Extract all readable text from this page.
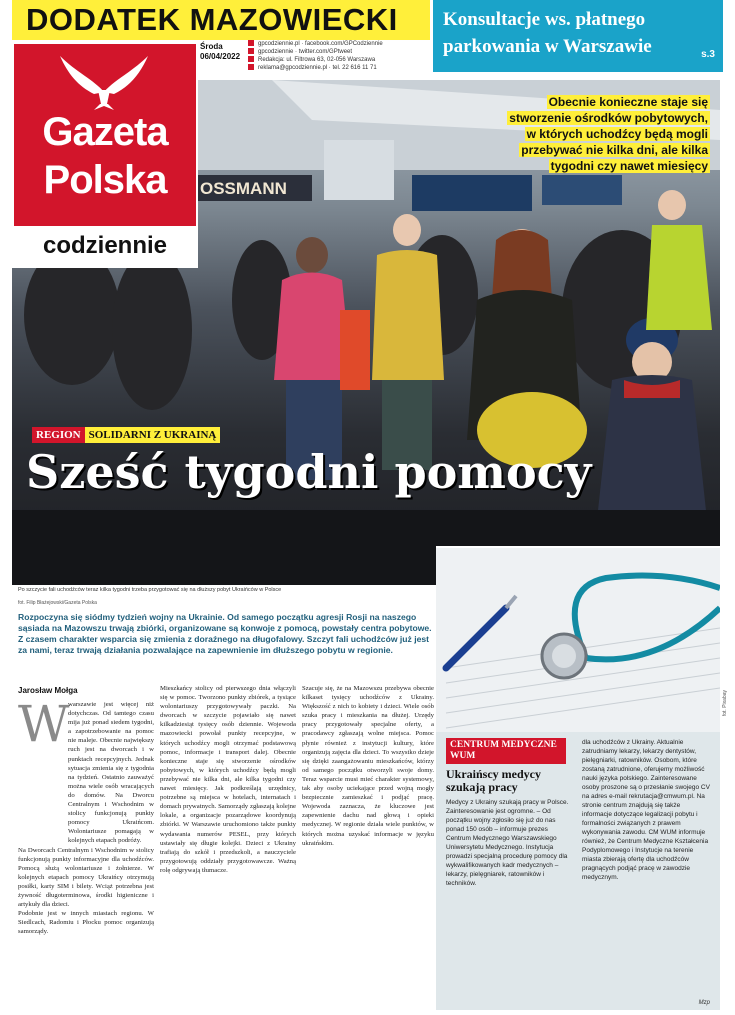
DODATEK MAZOWIECKI	Konsultacje ws. płatnego parkowania w Warszawie	s.3
Środa
06/04/2022
gpcodziennie.pl · facebook.com/GPCodziennie
gpcodziennie · twitter.com/GPtweet
Redakcja: ul. Filtrowa 63, 02-056 Warszawa
reklama@gpcodziennie.pl · tel. 22 616 11 71
Gazeta
Polska
codziennie
OSSMANN
Obecnie konieczne staje się stworzenie ośrodków pobytowych, w których uchodźcy będą mogli przebywać nie kilka dni, ale kilka tygodni czy nawet miesięcy
REGION SOLIDARNI Z UKRAINĄ
Sześć tygodni pomocy
Po szczycie fali uchodźców teraz kilka tygodni trzeba przygotować się na dłuższy pobyt Ukraińców w Polsce
fot. Filip Błażejowski/Gazeta Polska
Rozpoczyna się siódmy tydzień wojny na Ukrainie. Od samego początku agresji Rosji na naszego sąsiada na Mazowszu trwają zbiórki, organizowane są konwoje z pomocą, powstały centra pobytowe. Z czasem charakter wsparcia się zmienia z doraźnego na długofalowy. Szczyt fali uchodźców już jest za nami, teraz trwają działania pozwalające na zapewnienie im dłuższego pobytu w regionie.
fot. Pixabay
Jarosław Mołga
W

warszawie jest więcej niż dotychczas. Od tamtego czasu mija już ponad siedem tygodni, a zapotrzebowanie na pomoc nie maleje. Obecnie największy ruch jest na dworcach i w punktach recepcyjnych. Jednak sytuacja zmienia się z tygodnia na tydzień. Ostatnio zauważyć można wiele osób wracających do domów. Na Dworcu Centralnym i Wschodnim w stolicy funkcjonują punkty pomocy Ukraińcom. Wolontariusze pomagają w kolejnych etapach podróży.

Na Dworcach Centralnym i Wschodnim w stolicy funkcjonują punkty informacyjne dla uchodźców. Pomocą służą wolontariusze i żołnierze. W kolejnych etapach pomocy Ukraińcy otrzymują posiłki, karty SIM i bilety. Wciąż potrzebna jest żywność długoterminowa, środki higieniczne i artykuły dla dzieci.

Podobnie jest w innych miastach regionu. W Siedlcach, Radomiu i Płocku pomoc organizują samorządy.

Mieszkańcy stolicy od pierwszego dnia włączyli się w pomoc. Tworzono punkty zbiórek, a tysiące wolontariuszy przygotowywały paczki. Na dworcach w szczycie pojawiało się nawet kilkadziesiąt tysięcy osób dziennie. Wojewoda mazowiecki powołał punkty recepcyjne, w których uchodźcy mogli otrzymać podstawową pomoc, informacje i transport dalej. Obecnie konieczne staje się stworzenie ośrodków pobytowych, w których uchodźcy będą mogli przebywać nie kilka dni, ale kilka tygodni czy nawet miesięcy. Jak podkreślają urzędnicy, potrzebne są miejsca w hotelach, internatach i domach prywatnych. Samorządy zgłaszają kolejne lokale, a organizacje pozarządowe koordynują zbiórki. W Warszawie uruchomiono także punkty wydawania numerów PESEL, przy których ustawiały się długie kolejki. Dzieci z Ukrainy trafiają do szkół i przedszkoli, a nauczyciele przygotowują oddziały przygotowawcze. Ważną rolę odgrywają tłumacze.

Szacuje się, że na Mazowszu przebywa obecnie kilkaset tysięcy uchodźców z Ukrainy. Większość z nich to kobiety i dzieci. Wiele osób szuka pracy i mieszkania na dłużej. Urzędy pracy przygotowały specjalne oferty, a pracodawcy zgłaszają wolne miejsca. Pomoc płynie również z instytucji kultury, które organizują zajęcia dla dzieci. To wszystko dzieje się dzięki zaangażowaniu mieszkańców, którzy od samego początku otworzyli swoje domy. Teraz wsparcie musi mieć charakter systemowy, tak aby osoby uciekające przed wojną mogły bezpiecznie zamieszkać i podjąć pracę. Wojewoda zaznacza, że kluczowe jest zapewnienie dachu nad głową i opieki medycznej. W regionie działa wiele punktów, w których można uzyskać informacje w języku ukraińskim.

CENTRUM MEDYCZNE WUM
Ukraińscy medycy szukają pracy
Medycy z Ukrainy szukają pracy w Polsce. Zainteresowanie jest ogromne. – Od początku wojny zgłosiło się już do nas ponad 150 osób – informuje prezes Centrum Medycznego Warszawskiego Uniwersytetu Medycznego. Instytucja prowadzi specjalną procedurę pomocy dla wykwalifikowanych kadr medycznych – lekarzy, pielęgniarek, ratowników i techników.
dla uchodźców z Ukrainy. Aktualnie zatrudniamy lekarzy, lekarzy dentystów, pielęgniarki, ratowników. Osobom, które zostaną zatrudnione, oferujemy możliwość nauki języka polskiego. Zainteresowane osoby proszone są o przesłanie swojego CV na adres e-mail rekrutacja@cmwum.pl. Na stronie centrum znajdują się także informacje dotyczące legalizacji pobytu i formalności związanych z prawem wykonywania zawodu. CM WUM informuje również, że Centrum Medyczne Kształcenia Podyplomowego i Instytucje na terenie miasta zbierają ofertę dla uchodźców pragnących podjąć pracę w zawodzie medycznym.
Mzp
